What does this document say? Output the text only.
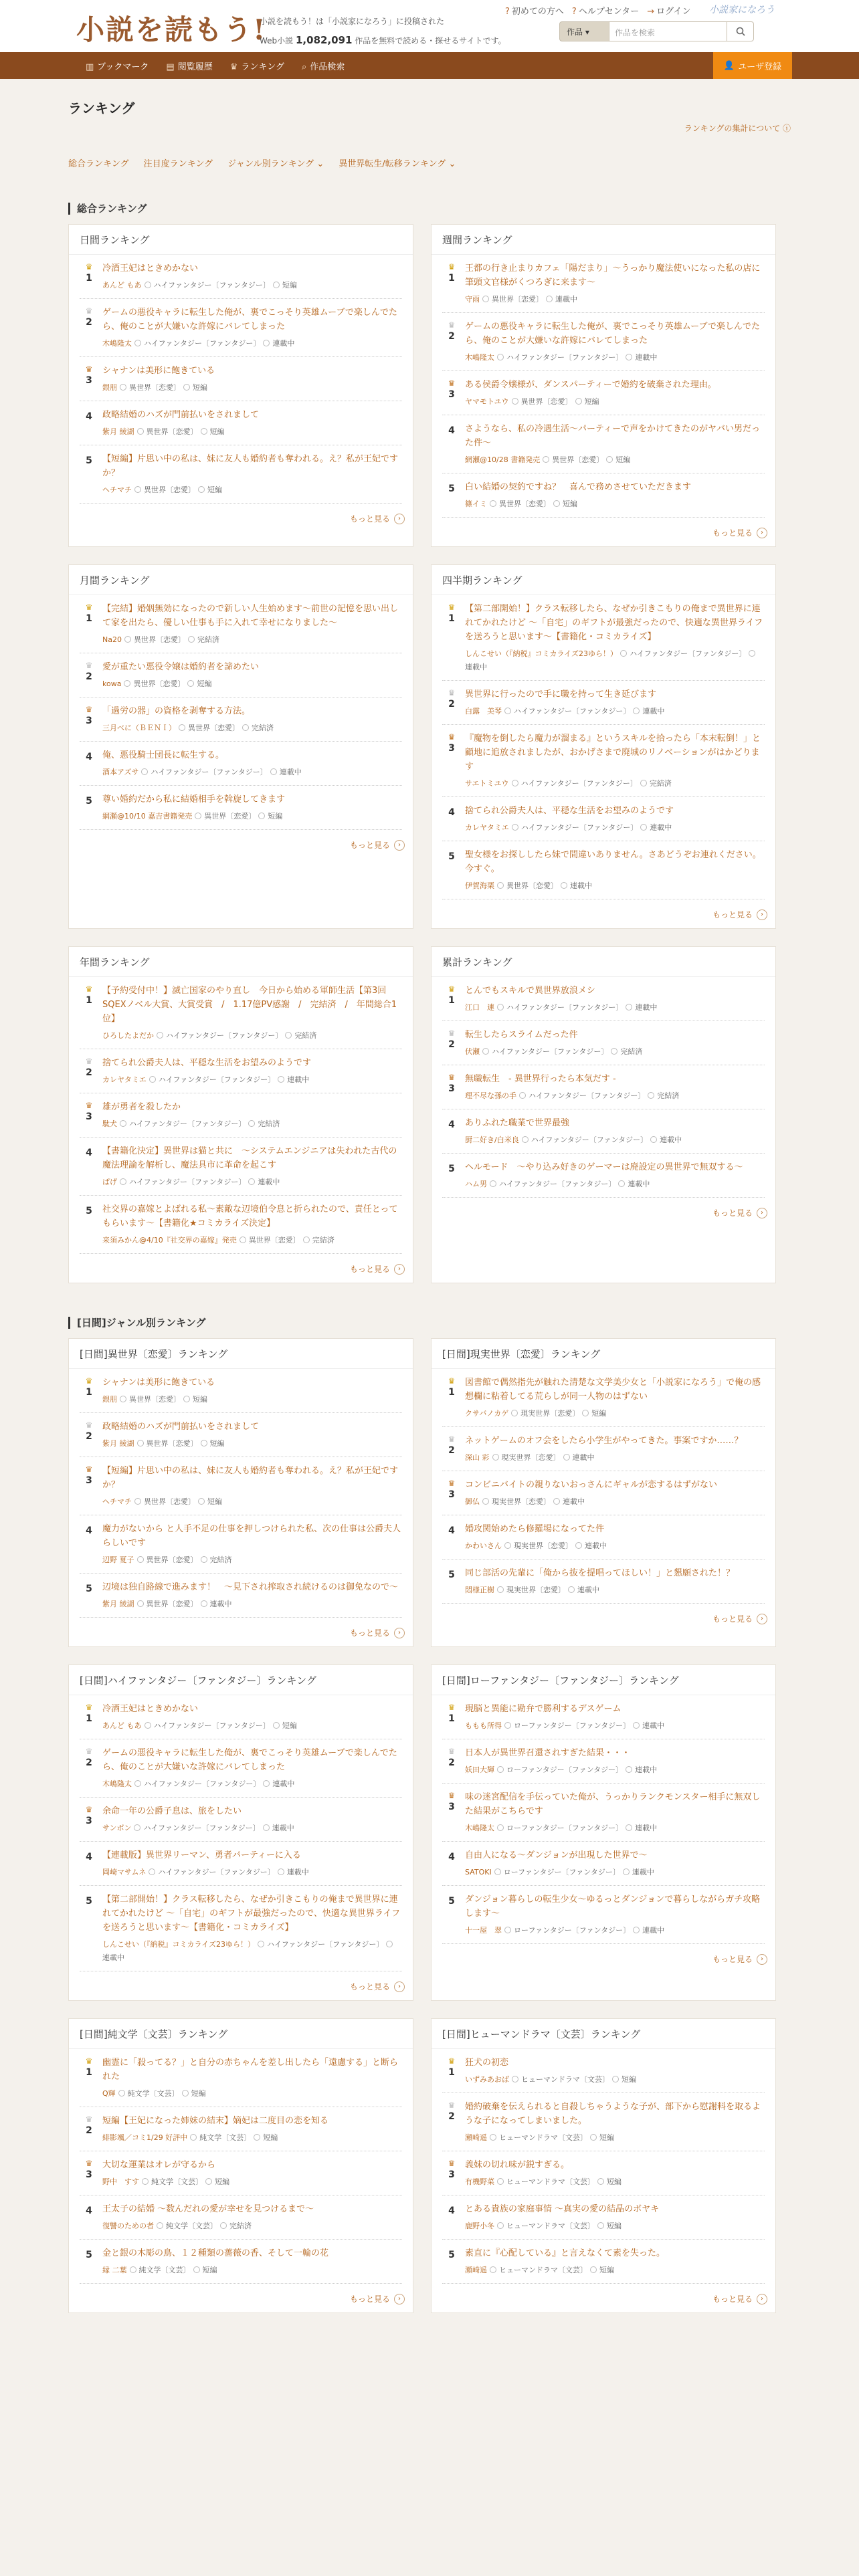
小説を読もう!
小説を読もう！は「小説家になろう」に投稿された
Web小説 1,082,091 作品を無料で読める・探せるサイトです。
? 初めての方へ ? ヘルプセンター → ログイン 小説家になろう
作品 ▾	作品を検索
▥ ブックマーク ▤ 閲覧履歴 ♛ ランキング ⌕ 作品検索	👤 ユーザ登録
ランキング
ランキングの集計について ⓘ
総合ランキング 注目度ランキング ジャンル別ランキング ⌄ 異世界転生/転移ランキング ⌄
総合ランキング
日間ランキング
♛
1
冷酒王妃はときめかない
あんど もあ ハイファンタジー〔ファンタジー〕 短編
♛
2
ゲームの悪役キャラに転生した俺が、裏でこっそり英雄ムーブで楽しんでたら、俺のことが大嫌いな許嫁にバレてしまった
木嶋隆太 ハイファンタジー〔ファンタジー〕 連載中
♛
3
シャナンは美形に飽きている
銀朋 異世界〔恋愛〕 短編
4 政略結婚のハズが門前払いをされまして
紫月 綾湖 異世界〔恋愛〕 短編
5 【短編】片思い中の私は、妹に友人も婚約者も奪われる。え？私が王妃ですか？
ヘチマチ 異世界〔恋愛〕 短編
もっと見る	›
週間ランキング
♛
1
王都の行き止まりカフェ「陽だまり」〜うっかり魔法使いになった私の店に筆頭文官様がくつろぎに来ます〜
守雨 異世界〔恋愛〕 連載中
♛
2
ゲームの悪役キャラに転生した俺が、裏でこっそり英雄ムーブで楽しんでたら、俺のことが大嫌いな許嫁にバレてしまった
木嶋隆太 ハイファンタジー〔ファンタジー〕 連載中
♛
3
ある侯爵令嬢様が、ダンスパーティーで婚約を破棄された理由。
ヤマモトユウ 異世界〔恋愛〕 短編
4 さようなら、私の冷遇生活〜パーティーで声をかけてきたのがヤバい男だった件〜
網瀬@10/28 書籍発売 異世界〔恋愛〕 短編
5 白い結婚の契約ですね？　喜んで務めさせていただきます
篠イミ 異世界〔恋愛〕 短編
もっと見る	›
月間ランキング
♛
1
【完結】婚姻無効になったので新しい人生始めます〜前世の記憶を思い出して家を出たら、優しい仕事も手に入れて幸せになりました〜
Na20 異世界〔恋愛〕 完結済
♛
2
愛が重たい悪役令嬢は婚約者を諦めたい
kowa 異世界〔恋愛〕 短編
♛
3
「過労の器」の資格を剥奪する方法。
三月べに（ＢＥＮＩ） 異世界〔恋愛〕 完結済
4 俺、悪役騎士団長に転生する。
酒本アズサ ハイファンタジー〔ファンタジー〕 連載中
5 尊い婚約だから私に結婚相手を斡旋してきます
網瀬@10/10 嘉吉書籍発売 異世界〔恋愛〕 短編
もっと見る	›
四半期ランキング
♛
1
【第二部開始！】クラス転移したら、なぜか引きこもりの俺まで異世界に連れてかれたけど 〜「自宅」のギフトが最強だったので、快適な異世界ライフを送ろうと思います〜【書籍化・コミカライズ】
しんこせい（『納税』コミカライズ23ゆら！） ハイファンタジー〔ファンタジー〕
連載中
♛
2
異世界に行ったので手に職を持って生き延びます
白露　美琴 ハイファンタジー〔ファンタジー〕 連載中
♛
3
『魔物を倒したら魔力が溜まる』というスキルを拾ったら「本末転倒！」と顧地に追放されましたが、おかげさまで廃城のリノベーションがはかどります
サエトミユウ ハイファンタジー〔ファンタジー〕 完結済
4 捨てられ公爵夫人は、平穏な生活をお望みのようです
カレヤタミエ ハイファンタジー〔ファンタジー〕 連載中
5 聖女様をお探ししたら妹で間違いありません。さあどうぞお連れください。今すぐ。
伊賀海栗 異世界〔恋愛〕 連載中
もっと見る	›
年間ランキング
♛
1
【予約受付中！】滅亡国家のやり直し　今日から始める軍師生活【第3回SQEXノベル大賞、大賞受賞　/　1.17億PV感謝　/　完結済　/　年間総合1位】
ひろしたよだか ハイファンタジー〔ファンタジー〕 完結済
♛
2
捨てられ公爵夫人は、平穏な生活をお望みのようです
カレヤタミエ ハイファンタジー〔ファンタジー〕 連載中
♛
3
雄が勇者を殺したか
駄犬 ハイファンタジー〔ファンタジー〕 完結済
4 【書籍化決定】異世界は猫と共に　〜システムエンジニアは失われた古代の魔法理論を解析し、魔法具市に革命を起こす
ぱげ ハイファンタジー〔ファンタジー〕 連載中
5 社交界の嘉嫁とよばれる私〜素敵な辺境伯令息と折られたので、責任とってもらいます〜【書籍化★コミカライズ決定】
来須みかん@4/10『社交界の嘉嫁』発売 異世界〔恋愛〕 完結済
もっと見る	›
累計ランキング
♛
1
とんでもスキルで異世界放浪メシ
江口　連 ハイファンタジー〔ファンタジー〕 連載中
♛
2
転生したらスライムだった件
伏瀬 ハイファンタジー〔ファンタジー〕 完結済
♛
3
無職転生　- 異世界行ったら本気だす -
理不尽な孫の手 ハイファンタジー〔ファンタジー〕 完結済
4 ありふれた職業で世界最強
厨二好き/白米良 ハイファンタジー〔ファンタジー〕 連載中
5 ヘルモード　〜やり込み好きのゲーマーは廃設定の異世界で無双する〜
ハム男 ハイファンタジー〔ファンタジー〕 連載中
もっと見る	›
[日間]ジャンル別ランキング
[日間]異世界〔恋愛〕ランキング
♛
1
シャナンは美形に飽きている
銀朋 異世界〔恋愛〕 短編
♛
2
政略結婚のハズが門前払いをされまして
紫月 綾湖 異世界〔恋愛〕 短編
♛
3
【短編】片思い中の私は、妹に友人も婚約者も奪われる。え？私が王妃ですか？
ヘチマチ 異世界〔恋愛〕 短編
4 魔力がないから と人手不足の仕事を押しつけられた私、次の仕事は公爵夫人らしいです
辺野 夏子 異世界〔恋愛〕 完結済
5 辺境は独自路線で進みます！　〜見下され搾取され続けるのは御免なので〜
紫月 綾湖 異世界〔恋愛〕 連載中
もっと見る	›
[日間]現実世界〔恋愛〕ランキング
♛
1
図書館で偶然指先が触れた清楚な文学美少女と「小説家になろう」で俺の感想欄に粘着してる荒らしが同一人物のはずない
クサバノカゲ 現実世界〔恋愛〕 短編
♛
2
ネットゲームのオフ会をしたら小学生がやってきた。事案ですか……？
深山 彩 現実世界〔恋愛〕 連載中
♛
3
コンビニバイトの親りないおっさんにギャルが恋するはずがない
御仏 現実世界〔恋愛〕 連載中
4 婚攻関始めたら修羅場になってた件
かわいさん 現実世界〔恋愛〕 連載中
5 同じ部活の先輩に「俺から抜を提唱ってほしい！」と懇願された！？
悶様正樹 現実世界〔恋愛〕 連載中
もっと見る	›
[日間]ハイファンタジー〔ファンタジー〕ランキング
♛
1
冷酒王妃はときめかない
あんど もあ ハイファンタジー〔ファンタジー〕 短編
♛
2
ゲームの悪役キャラに転生した俺が、裏でこっそり英雄ムーブで楽しんでたら、俺のことが大嫌いな許嫁にバレてしまった
木嶋隆太 ハイファンタジー〔ファンタジー〕 連載中
♛
3
余命一年の公爵子息は、旅をしたい
サンボン ハイファンタジー〔ファンタジー〕 連載中
4 【連載版】異世界リーマン、勇者パーティーに入る
岡崎マサムネ ハイファンタジー〔ファンタジー〕 連載中
5 【第二部開始！】クラス転移したら、なぜか引きこもりの俺まで異世界に連れてかれたけど 〜「自宅」のギフトが最強だったので、快適な異世界ライフを送ろうと思います〜【書籍化・コミカライズ】
しんこせい（『納税』コミカライズ23ゆら！） ハイファンタジー〔ファンタジー〕
連載中
もっと見る	›
[日間]ローファンタジー〔ファンタジー〕ランキング
♛
1
現脳と異能に勘弁で勝利するデスゲーム
ももも所得 ローファンタジー〔ファンタジー〕 連載中
♛
2
日本人が異世界召還されすぎた結果・・・
妖田大輝 ローファンタジー〔ファンタジー〕 連載中
♛
3
味の迷宮配信を手伝っていた俺が、うっかりランクモンスター相手に無双した結果がこちらです
木嶋隆太 ローファンタジー〔ファンタジー〕 連載中
4 自由人になる〜ダンジョンが出現した世界で〜
SATOKI ローファンタジー〔ファンタジー〕 連載中
5 ダンジョン暮らしの転生少女〜ゆるっとダンジョンで暮らしながらガチ攻略します〜
十一屋　翠 ローファンタジー〔ファンタジー〕 連載中
もっと見る	›
[日間]純文学〔文芸〕ランキング
♛
1
幽霊に「殺ってる？」と自分の赤ちゃんを差し出したら「遠慮する」と断られた
Q輝 純文学〔文芸〕 短編
♛
2
短編【王妃になった姉妹の結末】嫡妃は二度目の恋を知る
緋影颯／コミ1/29 好評中 純文学〔文芸〕 短編
♛
3
大切な運業はオレが守るから
野中　すす 純文学〔文芸〕 短編
4 王太子の結婚 〜数んだれの愛が幸せを見つけるまで〜
復讐のための者 純文学〔文芸〕 完結済
5 金と銀の木彫の鳥、１２種類の薔薇の香、そして一輪の花
縁 二葉 純文学〔文芸〕 短編
もっと見る	›
[日間]ヒューマンドラマ〔文芸〕ランキング
♛
1
狂犬の初恋
いずみあおば ヒューマンドラマ〔文芸〕 短編
♛
2
婚約破棄を伝えられると自殺しちゃうような子が、部下から慰謝料を取るような子になってしまいました。
瀬崎遥 ヒューマンドラマ〔文芸〕 短編
♛
3
義妹の切れ味が鋭すぎる。
有機野菜 ヒューマンドラマ〔文芸〕 短編
4 とある貴族の家庭事情 〜真実の愛の結晶のボヤキ
鹿野小冬 ヒューマンドラマ〔文芸〕 短編
5 素直に『心配している』と言えなくて素を失った。
瀬崎遥 ヒューマンドラマ〔文芸〕 短編
もっと見る	›
